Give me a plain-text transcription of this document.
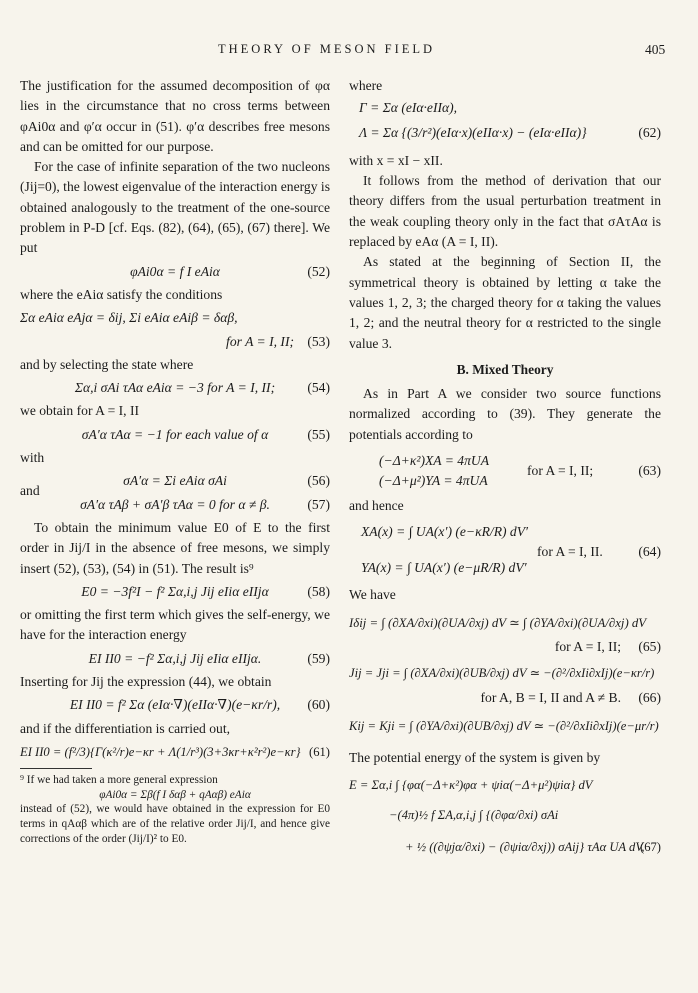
THEORY OF MESON FIELD	405

The justification for the assumed decomposition of φα lies in the circumstance that no cross terms between φAi0α and φ′α occur in (51). φ′α describes free mesons and can be omitted for our purpose.

For the case of infinite separation of the two nucleons (Jij=0), the lowest eigenvalue of the interaction energy is obtained analogously to the treatment of the one-source problem in P-D [cf. Eqs. (82), (64), (65), (67) there]. We put

φAi0α = f I eAiα	(52)

where the eAiα satisfy the conditions

Σα eAiα eAjα = δij, Σi eAiα eAiβ = δαβ,
for A = I, II; (53)

and by selecting the state where

Σα,i σAi τAα eAiα = −3 for A = I, II; (54)

we obtain for A = I, II

σA′α τAα = −1 for each value of α	(55)

with

and
σA′α = Σi eAiα σAi	(56)
σA′α τAβ + σA′β τAα = 0 for α ≠ β.	(57)

To obtain the minimum value E0 of E to the first order in Jij/I in the absence of free mesons, we simply insert (52), (53), (54) in (51). The result is⁹

E0 = −3f²I − f² Σα,i,j Jij eIiα eIIjα	(58)

or omitting the first term which gives the self-energy, we have for the interaction energy

EI II0 = −f² Σα,i,j Jij eIiα eIIjα.	(59)

Inserting for Jij the expression (44), we obtain

EI II0 = f² Σα (eIα·∇)(eIIα·∇)(e−κr/r), (60)

and if the differentiation is carried out,

EI II0 = (f²/3){Γ(κ²/r)e−κr + Λ(1/r³)(3+3κr+κ²r²)e−κr} (61)

⁹ If we had taken a more general expression

φAi0α = Σβ(f I δαβ + qAαβ) eAiα

instead of (52), we would have obtained in the expression for E0 terms in qAαβ which are of the relative order Jij/I, and hence give corrections of the order (Jij/I)² to E0.

where

Γ = Σα (eIα·eIIα),
Λ = Σα {(3/r²)(eIα·x)(eIIα·x) − (eIα·eIIα)}	(62)

with x = xI − xII.

It follows from the method of derivation that our theory differs from the usual perturbation treatment in the weak coupling theory only in the fact that σAτAα is replaced by eAα (A = I, II).

As stated at the beginning of Section II, the symmetrical theory is obtained by letting α take the values 1, 2, 3; the charged theory for α taking the values 1, 2; and the neutral theory for α restricted to the single value 3.

B. Mixed Theory

As in Part A we consider two source functions normalized according to (39). They generate the potentials according to

(−Δ+κ²)XA = 4πUA
(−Δ+μ²)YA = 4πUA
for A = I, II;	(63)

and hence

XA(x) = ∫ UA(x′) (e−κR/R) dV′
YA(x) = ∫ UA(x′) (e−μR/R) dV′
for A = I, II.	(64)

We have

Iδij = ∫ (∂XA/∂xi)(∂UA/∂xj) dV ≃ ∫ (∂YA/∂xi)(∂UA/∂xj) dV
for A = I, II; (65)
Jij = Jji = ∫ (∂XA/∂xi)(∂UB/∂xj) dV ≃ −(∂²/∂xIi∂xIj)(e−κr/r)
for A, B = I, II and A ≠ B. (66)
Kij = Kji = ∫ (∂YA/∂xi)(∂UB/∂xj) dV ≃ −(∂²/∂xIi∂xIj)(e−μr/r)

The potential energy of the system is given by

E = Σα,i ∫ {φα(−Δ+κ²)φα + ψiα(−Δ+μ²)ψiα} dV
−(4π)½ f ΣA,α,i,j ∫ {(∂φα/∂xi) σAi
+ ½ ((∂ψjα/∂xi) − (∂ψiα/∂xj)) σAij} τAα UA dV,
(67)
